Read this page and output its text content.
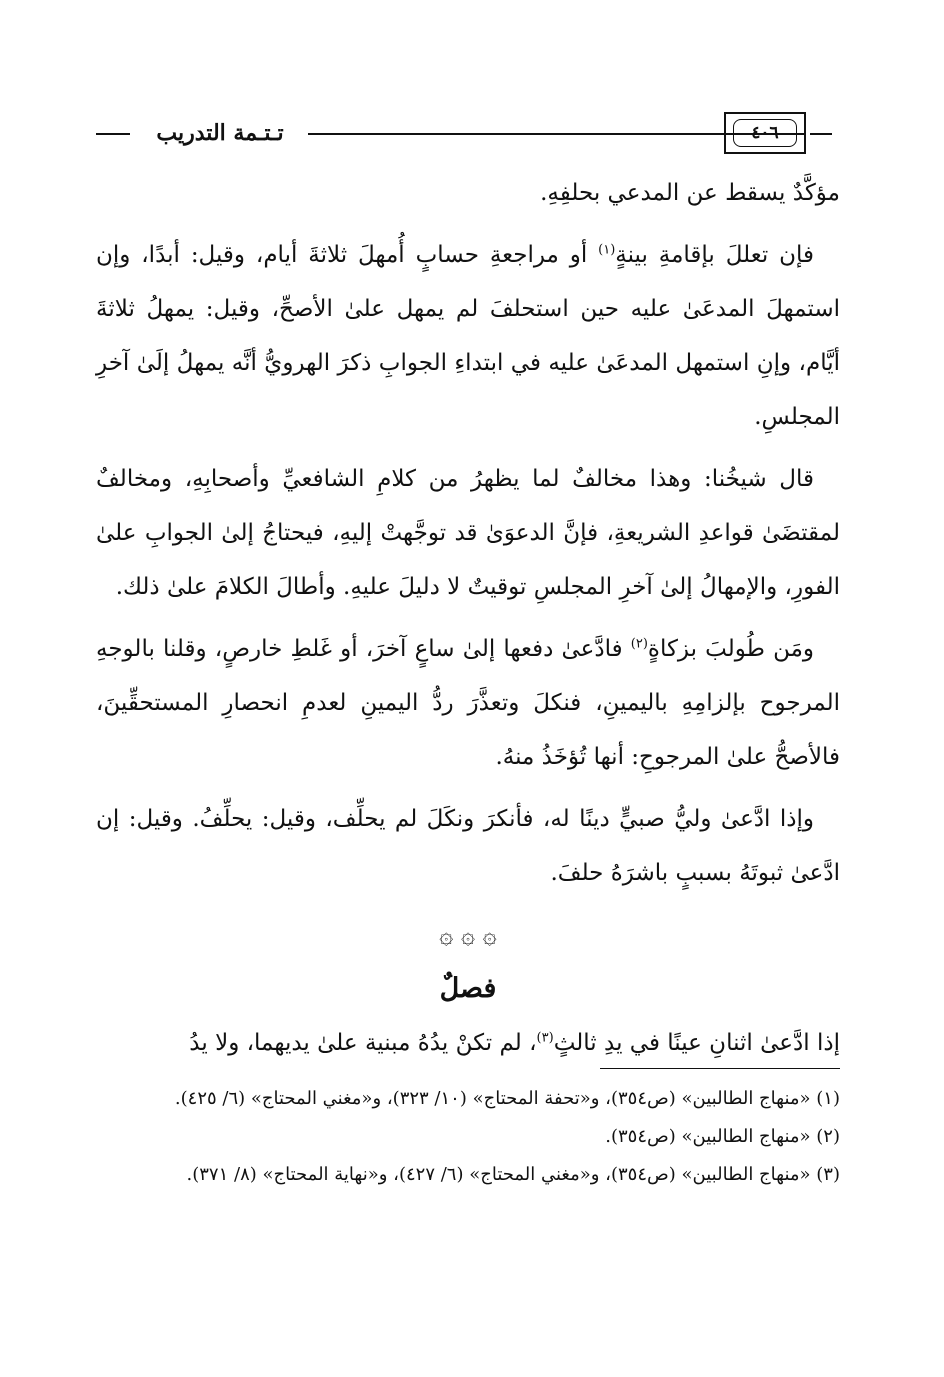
٤٠٦
تـتـمة التدريب

مؤكَّدٌ يسقط عن المدعي بحلفِهِ.

فإن تعللَ بإقامةِ بينةٍ$^{(١)}$ أو مراجعةِ حسابٍ أُمهلَ ثلاثةَ أيام، وقيل: أبدًا، وإن استمهلَ المدعَىٰ عليه حين استحلفَ لم يمهل علىٰ الأصحِّ، وقيل: يمهلُ ثلاثةَ أيَّام، وإنِ استمهل المدعَىٰ عليه في ابتداءِ الجوابِ ذكرَ الهرويُّ أنَّه يمهلُ إلَىٰ آخرِ المجلسِ.

قال شيخُنا: وهذا مخالفٌ لما يظهرُ من كلامِ الشافعيِّ وأصحابِهِ، ومخالفٌ لمقتضَىٰ قواعدِ الشريعةِ، فإنَّ الدعوَىٰ قد توجَّهتْ إليهِ، فيحتاجُ إلىٰ الجوابِ علىٰ الفورِ، والإمهالُ إلىٰ آخرِ المجلسِ توقيتٌ لا دليلَ عليهِ. وأطالَ الكلامَ علىٰ ذلك.

ومَن طُولبَ بزكاةٍ$^{(٢)}$ فادَّعىٰ دفعها إلىٰ ساعٍ آخرَ، أو غَلطِ خارصٍ، وقلنا بالوجهِ المرجوح بإلزامِهِ باليمينِ، فنكلَ وتعذَّرَ ردُّ اليمينِ لعدمِ انحصارِ المستحقِّينَ، فالأصحُّ علىٰ المرجوحِ: أنها تُؤخَذُ منهُ.

وإذا ادَّعىٰ وليُّ صبيٍّ دينًا له، فأنكرَ ونكَلَ لم يحلِّف، وقيل: يحلِّفُ. وقيل: إن ادَّعىٰ ثبوتَهُ بسببٍ باشرَهُ حلفَ.

۞ ۞ ۞
فصلٌ

إذا ادَّعىٰ اثنانِ عينًا في يدِ ثالثٍ$^{(٣)}$، لم تكنْ يدُهُ مبنية علىٰ يديهما، ولا يدُ

(١) «منهاج الطالبين» (ص٣٥٤)، و«تحفة المحتاج» (١٠/ ٣٢٣)، و«مغني المحتاج» (٦/ ٤٢٥).

(٢) «منهاج الطالبين» (ص٣٥٤).

(٣) «منهاج الطالبين» (ص٣٥٤)، و«مغني المحتاج» (٦/ ٤٢٧)، و«نهاية المحتاج» (٨/ ٣٧١).
